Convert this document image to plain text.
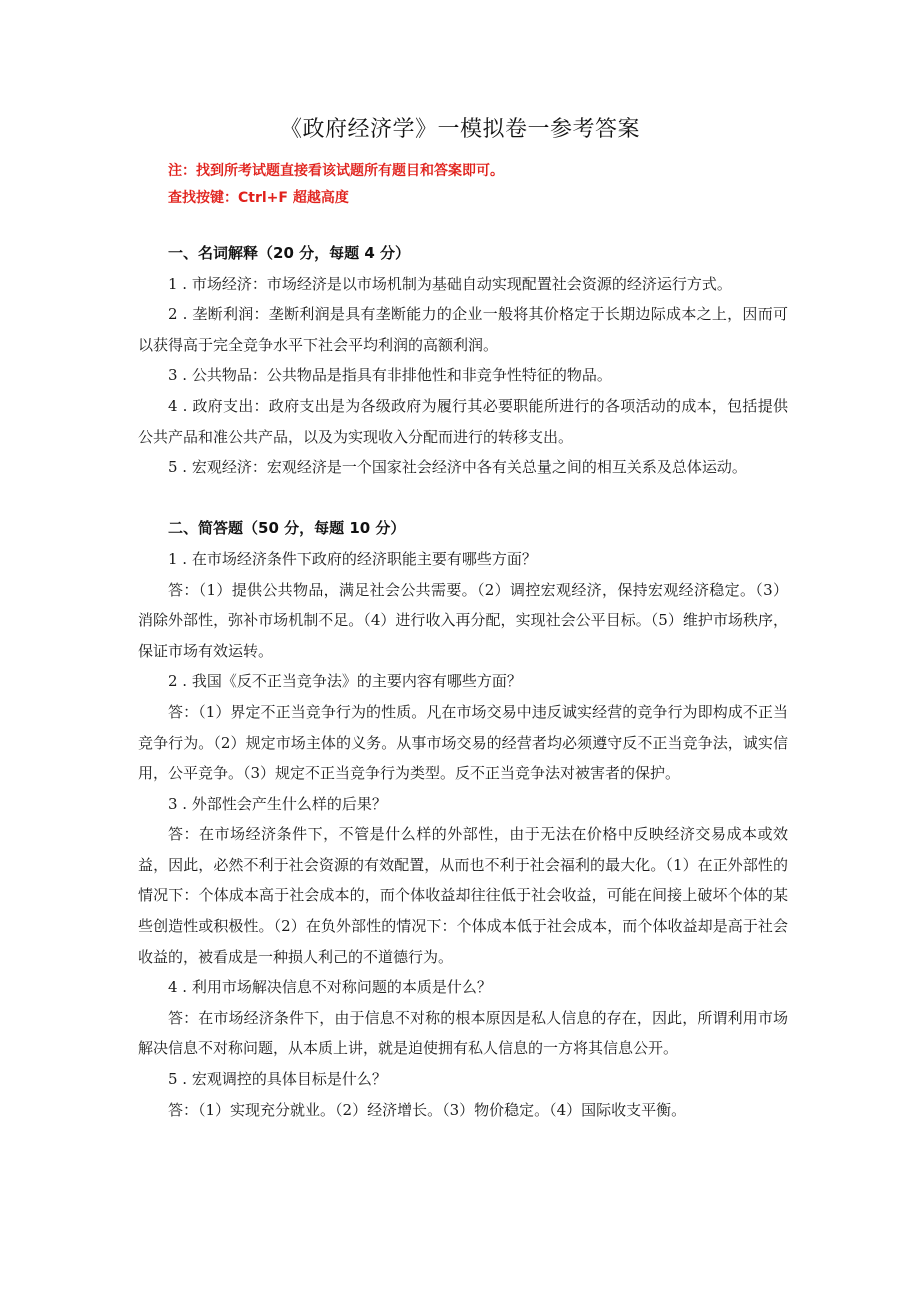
《政府经济学》一模拟卷一参考答案

注：找到所考试题直接看该试题所有题目和答案即可。

查找按键：Ctrl+F 超越高度

一、名词解释（20 分，每题 4 分）

1 . 市场经济：市场经济是以市场机制为基础自动实现配置社会资源的经济运行方式。

2 . 垄断利润：垄断利润是具有垄断能力的企业一般将其价格定于长期边际成本之上，因而可以获得高于完全竞争水平下社会平均利润的高额利润。

3 . 公共物品：公共物品是指具有非排他性和非竞争性特征的物品。

4 . 政府支出：政府支出是为各级政府为履行其必要职能所进行的各项活动的成本，包括提供公共产品和准公共产品，以及为实现收入分配而进行的转移支出。

5 . 宏观经济：宏观经济是一个国家社会经济中各有关总量之间的相互关系及总体运动。

二、简答题（50 分，每题 10 分）

1 . 在市场经济条件下政府的经济职能主要有哪些方面？

答：（1）提供公共物品，满足社会公共需要。（2）调控宏观经济，保持宏观经济稳定。（3）消除外部性，弥补市场机制不足。（4）进行收入再分配，实现社会公平目标。（5）维护市场秩序，保证市场有效运转。

2 . 我国《反不正当竞争法》的主要内容有哪些方面？

答：（1）界定不正当竞争行为的性质。凡在市场交易中违反诚实经营的竞争行为即构成不正当竞争行为。（2）规定市场主体的义务。从事市场交易的经营者均必须遵守反不正当竞争法，诚实信用，公平竞争。（3）规定不正当竞争行为类型。反不正当竞争法对被害者的保护。

3 . 外部性会产生什么样的后果？

答：在市场经济条件下，不管是什么样的外部性，由于无法在价格中反映经济交易成本或效益，因此，必然不利于社会资源的有效配置，从而也不利于社会福利的最大化。（1）在正外部性的情况下：个体成本高于社会成本的，而个体收益却往往低于社会收益，可能在间接上破坏个体的某些创造性或积极性。（2）在负外部性的情况下：个体成本低于社会成本，而个体收益却是高于社会收益的，被看成是一种损人利己的不道德行为。

4 . 利用市场解决信息不对称问题的本质是什么？

答：在市场经济条件下，由于信息不对称的根本原因是私人信息的存在，因此，所谓利用市场解决信息不对称问题，从本质上讲，就是迫使拥有私人信息的一方将其信息公开。

5 . 宏观调控的具体目标是什么？

答：（1）实现充分就业。（2）经济增长。（3）物价稳定。（4）国际收支平衡。
